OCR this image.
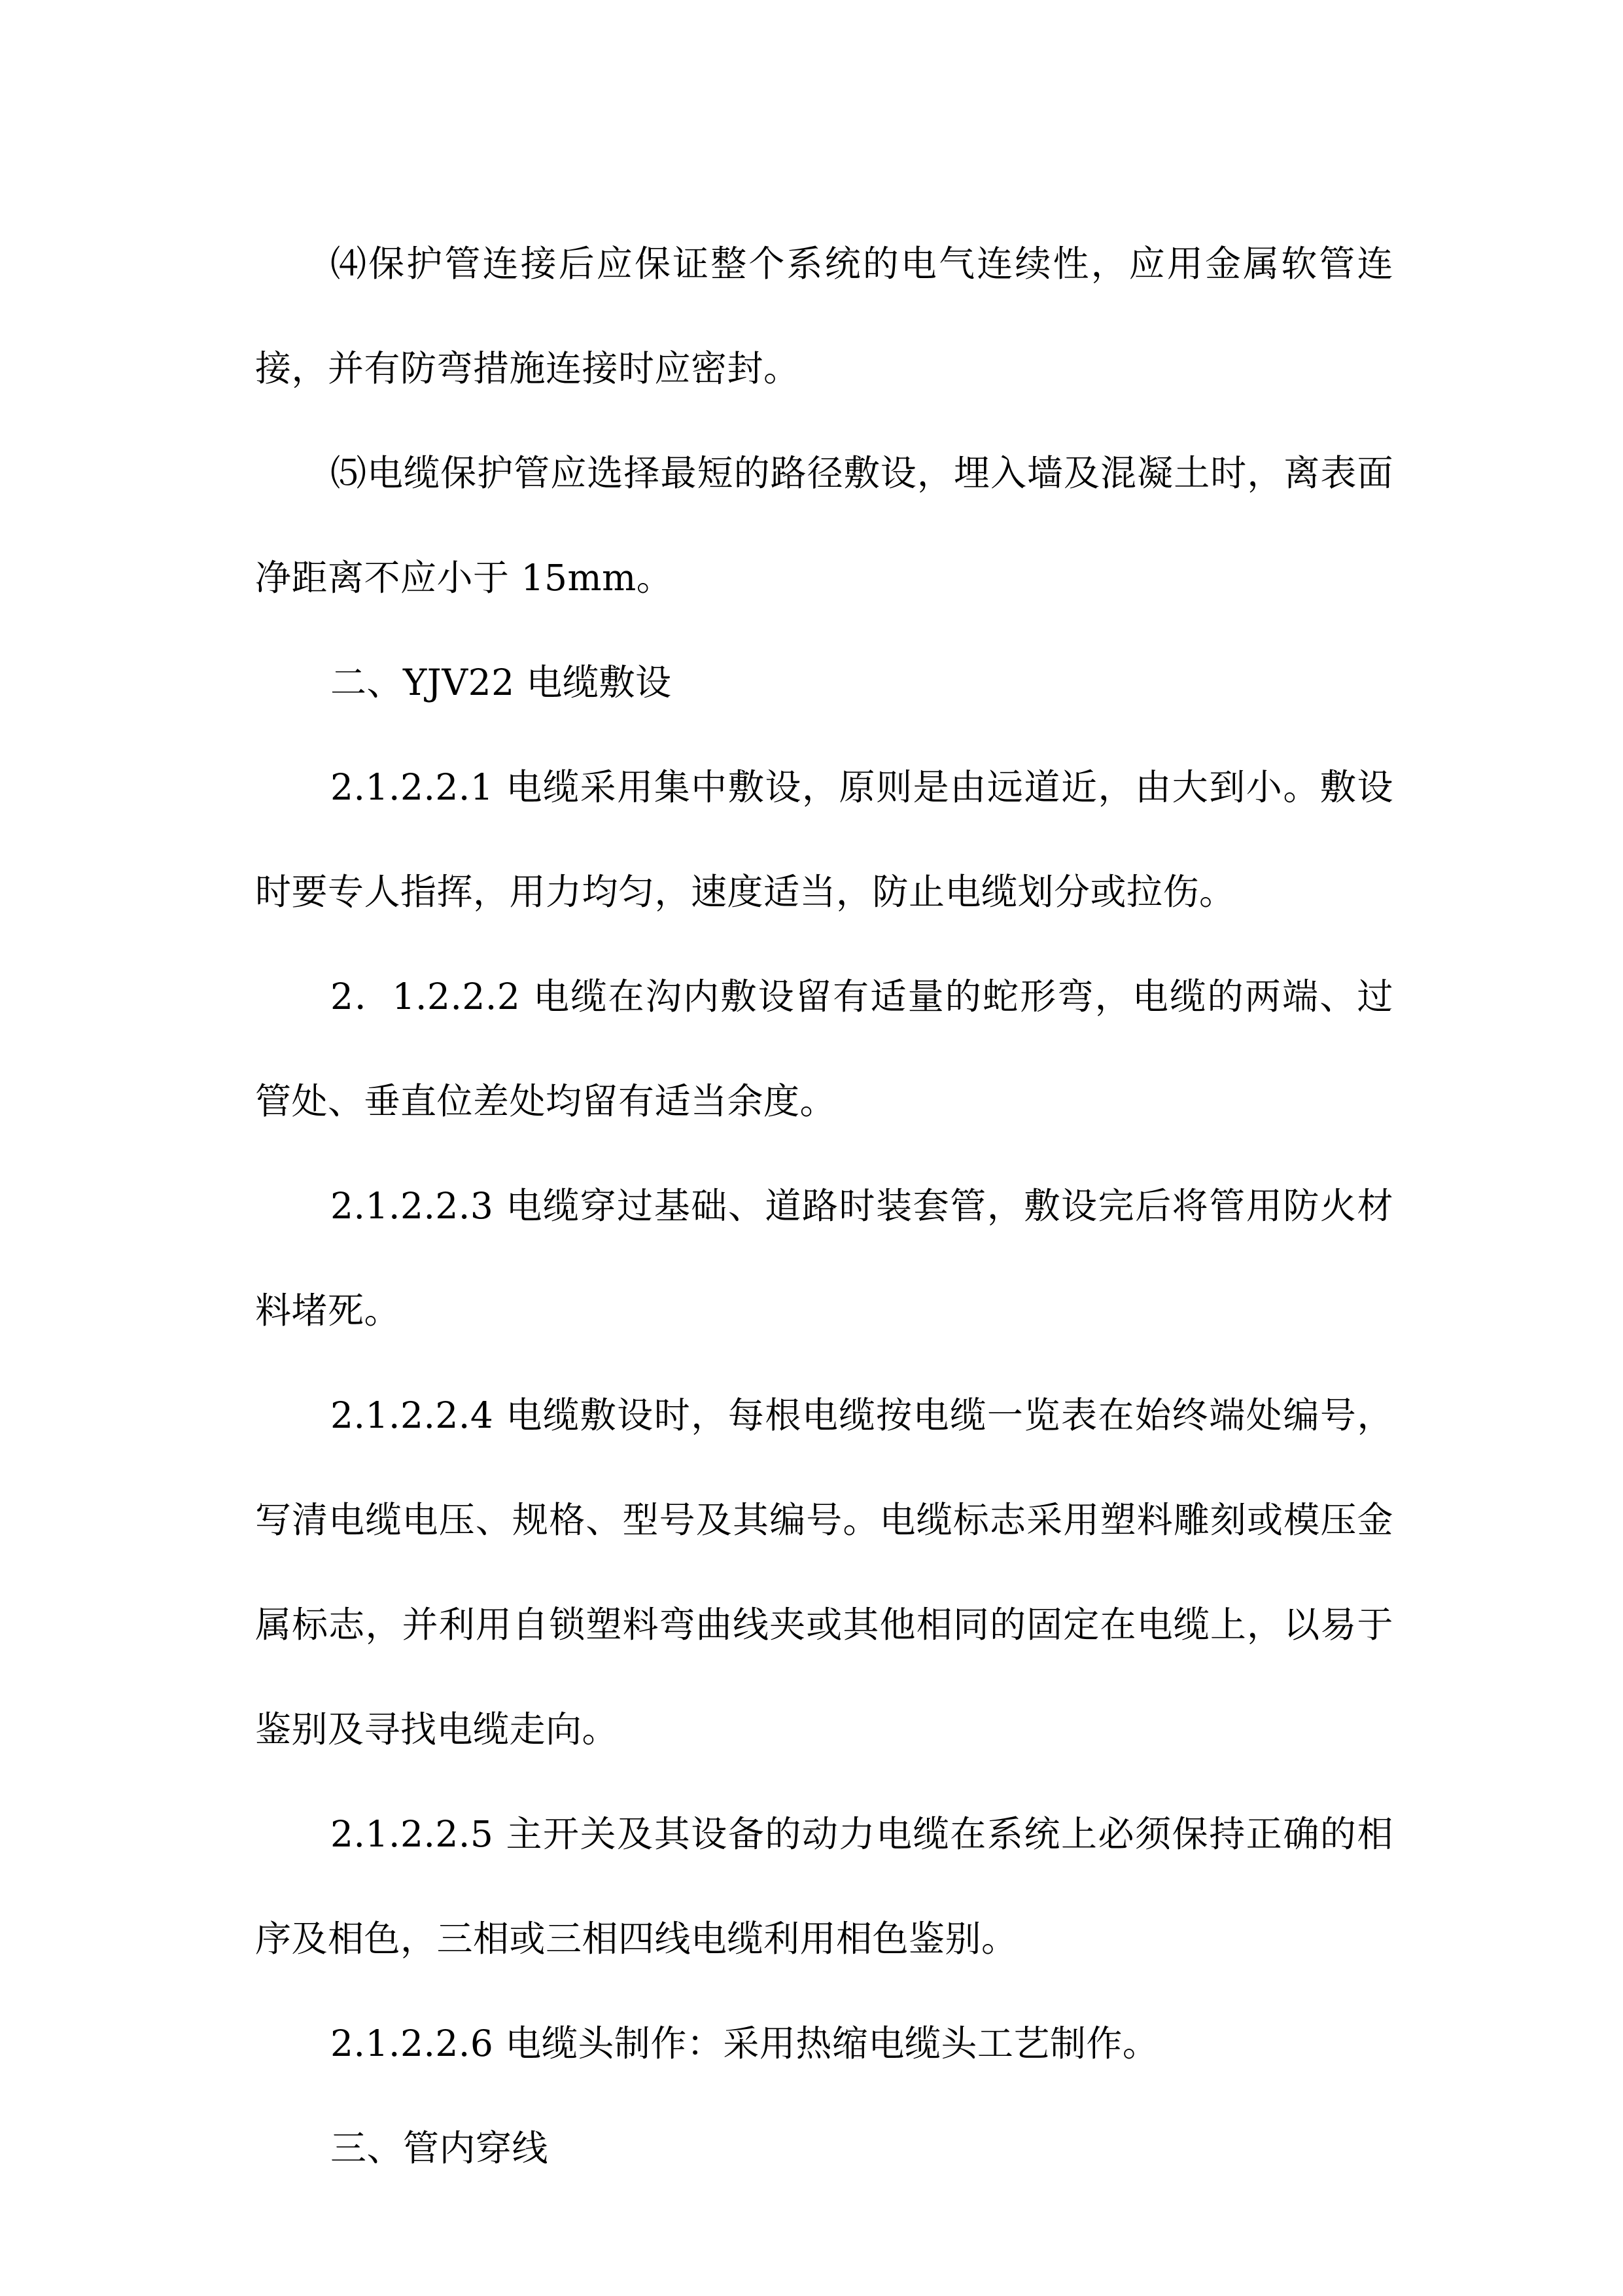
⑷保护管连接后应保证整个系统的电气连续性，应用金属软管连接，并有防弯措施连接时应密封。

⑸电缆保护管应选择最短的路径敷设，埋入墙及混凝土时，离表面净距离不应小于 15mm。

二、YJV22 电缆敷设

2.1.2.2.1 电缆采用集中敷设，原则是由远道近，由大到小。敷设时要专人指挥，用力均匀，速度适当，防止电缆划分或拉伤。

2．1.2.2.2 电缆在沟内敷设留有适量的蛇形弯，电缆的两端、过管处、垂直位差处均留有适当余度。

2.1.2.2.3 电缆穿过基础、道路时装套管，敷设完后将管用防火材料堵死。

2.1.2.2.4 电缆敷设时，每根电缆按电缆一览表在始终端处编号，写清电缆电压、规格、型号及其编号。电缆标志采用塑料雕刻或模压金属标志，并利用自锁塑料弯曲线夹或其他相同的固定在电缆上，以易于鉴别及寻找电缆走向。

2.1.2.2.5 主开关及其设备的动力电缆在系统上必须保持正确的相序及相色，三相或三相四线电缆利用相色鉴别。

2.1.2.2.6 电缆头制作：采用热缩电缆头工艺制作。

三、管内穿线
